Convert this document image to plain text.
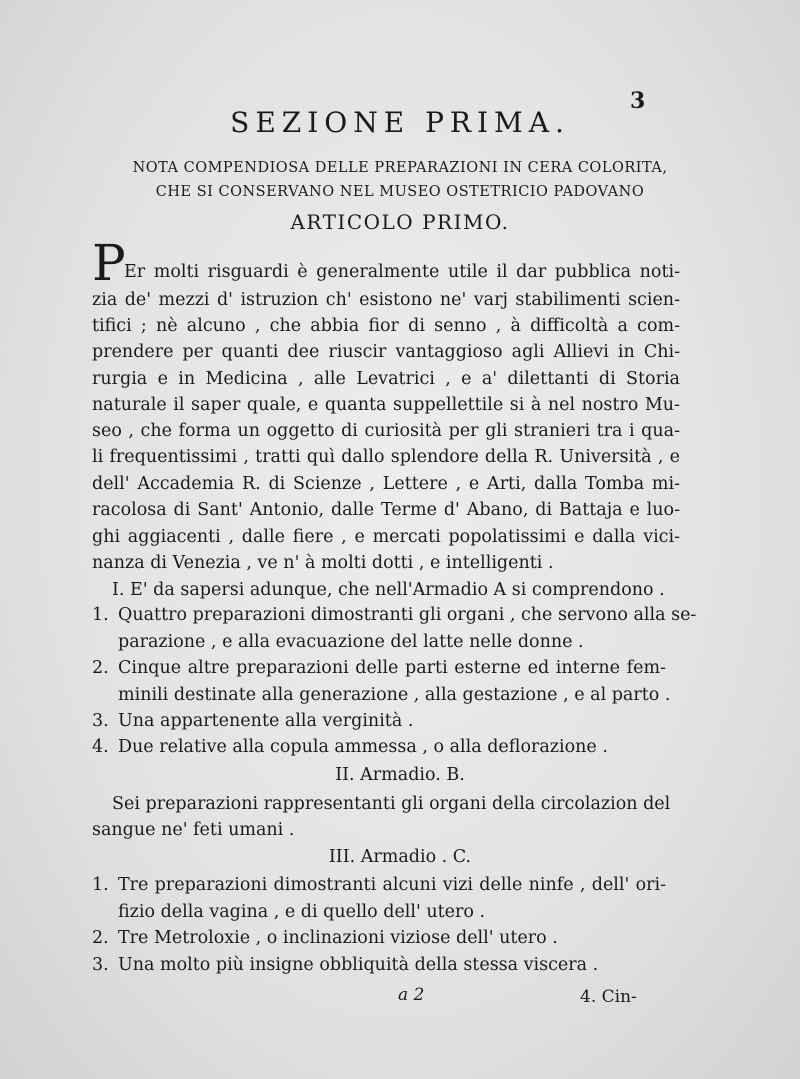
3
SEZIONE PRIMA.
NOTA COMPENDIOSA DELLE PREPARAZIONI IN CERA COLORITA,
CHE SI CONSERVANO NEL MUSEO OSTETRICIO PADOVANO
ARTICOLO PRIMO.
P
Er molti risguardi è generalmente utile il dar pubblica noti-
zia de' mezzi d' istruzion ch' esistono ne' varj stabilimenti scien-
tifici ; nè alcuno , che abbia fior di senno , à difficoltà a com-
prendere per quanti dee riuscir vantaggioso agli Allievi in Chi-
rurgia e in Medicina , alle Levatrici , e a' dilettanti di Storia
naturale il saper quale, e quanta suppellettile si à nel nostro Mu-
seo , che forma un oggetto di curiosità per gli stranieri tra i qua-
li frequentissimi , tratti quì dallo splendore della R. Università , e
dell' Accademia R. di Scienze , Lettere , e Arti, dalla Tomba mi-
racolosa di Sant' Antonio, dalle Terme d' Abano, di Battaja e luo-
ghi aggiacenti , dalle fiere , e mercati popolatissimi e dalla vici-
nanza di Venezia , ve n' à molti dotti , e intelligenti .
I. E' da sapersi adunque, che nell'Armadio A si comprendono .
1. Quattro preparazioni dimostranti gli organi , che servono alla se-
parazione , e alla evacuazione del latte nelle donne .
2. Cinque altre preparazioni delle parti esterne ed interne fem-
minili destinate alla generazione , alla gestazione , e al parto .
3. Una appartenente alla verginità .
4. Due relative alla copula ammessa , o alla deflorazione .
II. Armadio. B.
Sei preparazioni rappresentanti gli organi della circolazion del
sangue ne' feti umani .
III. Armadio . C.
1. Tre preparazioni dimostranti alcuni vizi delle ninfe , dell' ori-
fizio della vagina , e di quello dell' utero .
2. Tre Metroloxie , o inclinazioni viziose dell' utero .
3. Una molto più insigne obbliquità della stessa viscera .
a 2	4. Cin-
